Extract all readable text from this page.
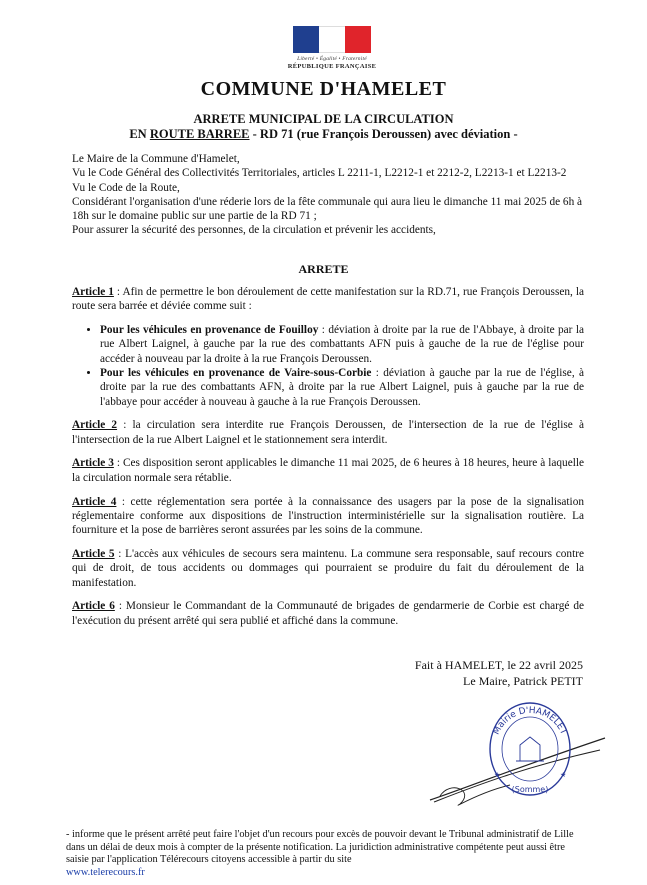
Liberté • Égalité • Fraternité
RÉPUBLIQUE FRANÇAISE
COMMUNE D'HAMELET
ARRETE MUNICIPAL DE LA CIRCULATION
EN ROUTE BARREE - RD 71 (rue François Deroussen) avec déviation -

Le Maire de la Commune d'Hamelet,

Vu le Code Général des Collectivités Territoriales, articles L 2211-1, L2212-1 et 2212-2, L2213-1 et L2213-2

Vu le Code de la Route,

Considérant l'organisation d'une réderie lors de la fête communale qui aura lieu le dimanche 11 mai 2025 de 6h à 18h sur le domaine public sur une partie de la RD 71 ;

Pour assurer la sécurité des personnes, de la circulation et prévenir les accidents,

ARRETE

Article 1 : Afin de permettre le bon déroulement de cette manifestation sur la RD.71, rue François Deroussen, la route sera barrée et déviée comme suit :

• Pour les véhicules en provenance de Fouilloy : déviation à droite par la rue de l'Abbaye, à droite par la rue Albert Laignel, à gauche par la rue des combattants AFN puis à gauche de la rue de l'église pour accéder à nouveau par la droite à la rue François Deroussen.
• Pour les véhicules en provenance de Vaire-sous-Corbie : déviation à gauche par la rue de l'église, à droite par la rue des combattants AFN, à droite par la rue Albert Laignel, puis à gauche par la rue de l'abbaye pour accéder à nouveau à gauche à la rue François Deroussen.

Article 2 : la circulation sera interdite rue François Deroussen, de l'intersection de la rue de l'église à l'intersection de la rue Albert Laignel et le stationnement sera interdit.

Article 3 : Ces disposition seront applicables le dimanche 11 mai 2025, de 6 heures à 18 heures, heure à laquelle la circulation normale sera rétablie.

Article 4 : cette réglementation sera portée à la connaissance des usagers par la pose de la signalisation réglementaire conforme aux dispositions de l'instruction interministérielle sur la signalisation routière. La fourniture et la pose de barrières seront assurées par les soins de la commune.

Article 5 : L'accès aux véhicules de secours sera maintenu. La commune sera responsable, sauf recours contre qui de droit, de tous accidents ou dommages qui pourraient se produire du fait du déroulement de la manifestation.

Article 6 : Monsieur le Commandant de la Communauté de brigades de gendarmerie de Corbie est chargé de l'exécution du présent arrêté qui sera publié et affiché dans la commune.

Fait à HAMELET, le 22 avril 2025
Le Maire, Patrick PETIT
Mairie D'HAMELET
(Somme)
★	★
- informe que le présent arrêté peut faire l'objet d'un recours pour excès de pouvoir devant le Tribunal administratif de Lille dans un délai de deux mois à compter de la présente notification. La juridiction administrative compétente peut aussi être saisie par l'application Télérecours citoyens accessible à partir du site
www.telerecours.fr
